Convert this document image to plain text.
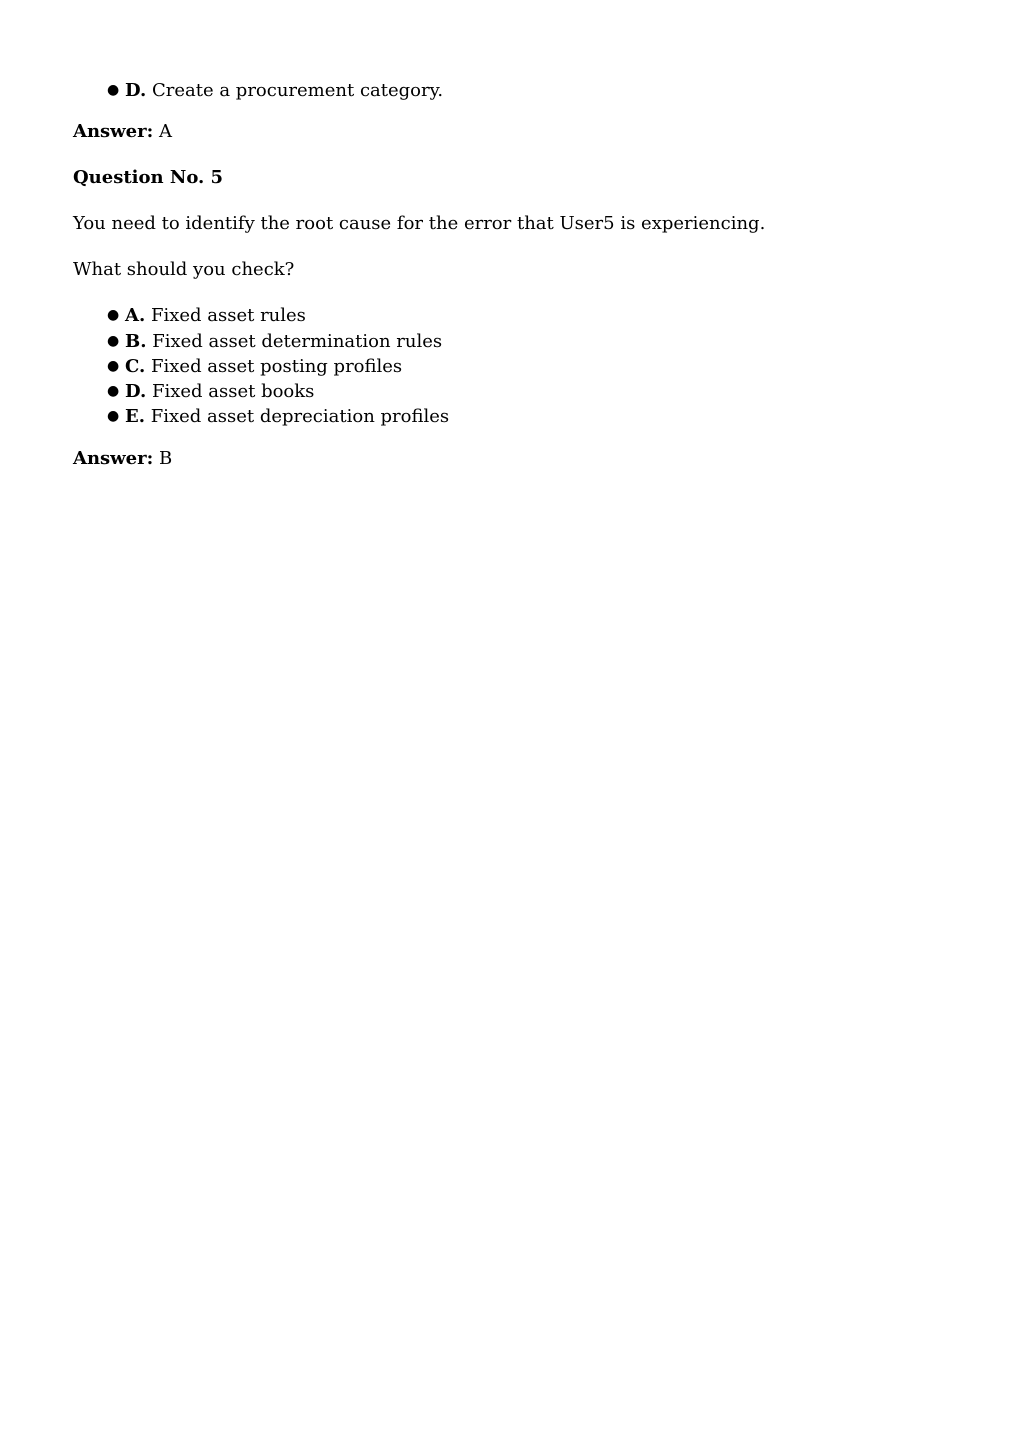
● D. Create a procurement category.

Answer: A

Question No. 5

You need to identify the root cause for the error that User5 is experiencing.

What should you check?

● A. Fixed asset rules
● B. Fixed asset determination rules
● C. Fixed asset posting profiles
● D. Fixed asset books
● E. Fixed asset depreciation profiles

Answer: B
